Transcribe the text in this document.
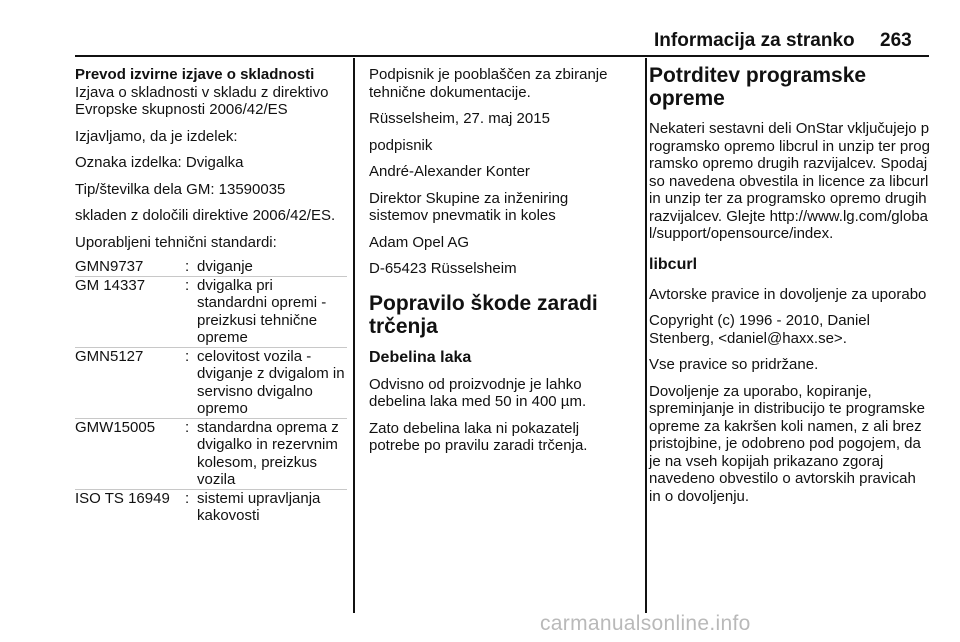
Informacija za stranko 263
Prevod izvirne izjave o skladnosti

Izjava o skladnosti v skladu z direktivo Evropske skupnosti 2006/42/ES

Izjavljamo, da je izdelek:

Oznaka izdelka: Dvigalka

Tip/številka dela GM: 13590035

skladen z določili direktive 2006/42/ES.

Uporabljeni tehnični standardi:

GMN9737	:	dviganje
GM 14337	:	dvigalka pri standardni opremi - preizkusi tehnične opreme
GMN5127	:	celovitost vozila - dviganje z dvigalom in servisno dvigalno opremo
GMW15005	:	standardna oprema z dvigalko in rezervnim kolesom, preizkus vozila
ISO TS 16949	:	sistemi upravljanja kakovosti

Podpisnik je pooblaščen za zbiranje tehnične dokumentacije.

Rüsselsheim, 27. maj 2015

podpisnik

André-Alexander Konter

Direktor Skupine za inženiring sistemov pnevmatik in koles

Adam Opel AG

D-65423 Rüsselsheim

Popravilo škode zaradi trčenja
Debelina laka

Odvisno od proizvodnje je lahko debelina laka med 50 in 400 µm.

Zato debelina laka ni pokazatelj potrebe po pravilu zaradi trčenja.

Potrditev programske opreme

Nekateri sestavni deli OnStar vključujejo programsko opremo libcrul in unzip ter programsko opremo drugih razvijalcev. Spodaj so navedena obvestila in licence za libcurl in unzip ter za programsko opremo drugih razvijalcev. Glejte http://www.lg.com/global/support/opensource/index.

libcurl

Avtorske pravice in dovoljenje za uporabo

Copyright (c) 1996 - 2010, Daniel Stenberg, <daniel@haxx.se>.

Vse pravice so pridržane.

Dovoljenje za uporabo, kopiranje, spreminjanje in distribucijo te programske opreme za kakršen koli namen, z ali brez pristojbine, je odobreno pod pogojem, da je na vseh kopijah prikazano zgoraj navedeno obvestilo o avtorskih pravicah in o dovoljenju.

carmanualsonline.info
